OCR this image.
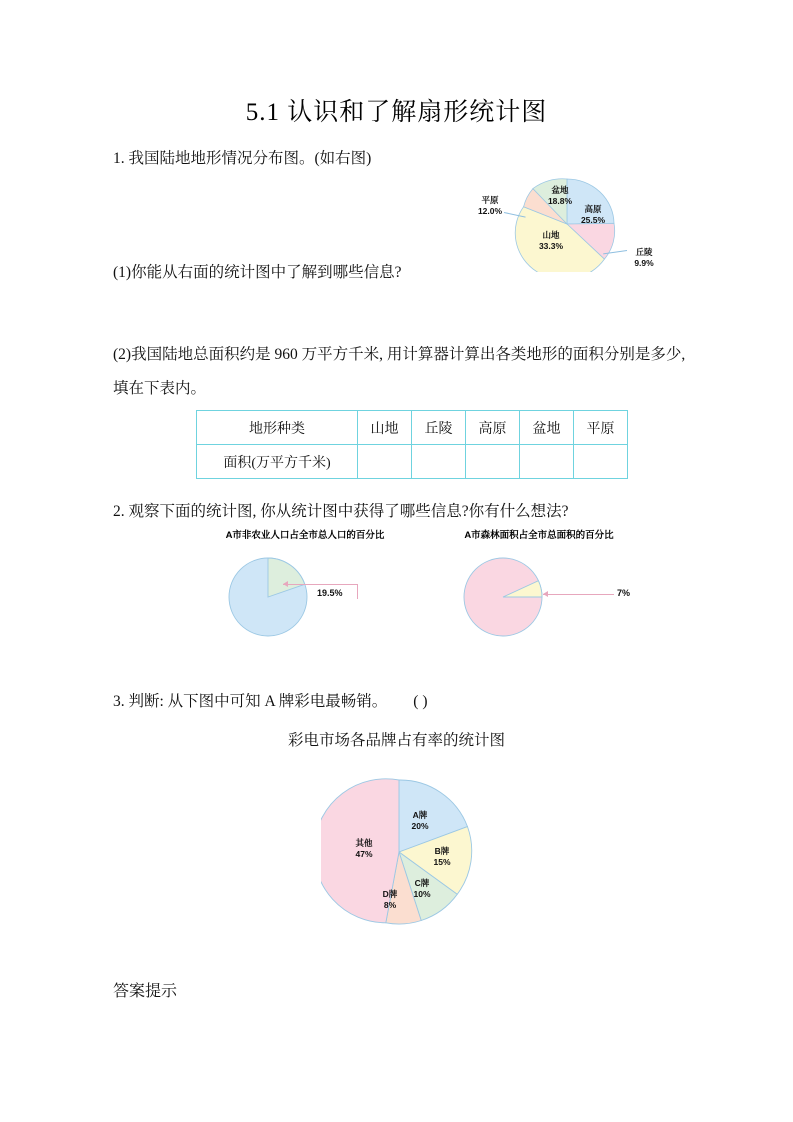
5.1 认识和了解扇形统计图
1. 我国陆地地形情况分布图。(如右图)
盆地
18.8%
高原
25.5%
山地
33.3%
平原
12.0%
丘陵
9.9%
(1)你能从右面的统计图中了解到哪些信息?
(2)我国陆地总面积约是 960 万平方千米, 用计算器计算出各类地形的面积分别是多少, 填在下表内。
地形种类	山地	丘陵	高原	盆地	平原
面积(万平方千米)					
2. 观察下面的统计图, 你从统计图中获得了哪些信息?你有什么想法?
A市非农业人口占全市总人口的百分比
19.5%
A市森林面积占全市总面积的百分比
7%
3. 判断: 从下图中可知 A 牌彩电最畅销。 ( )
彩电市场各品牌占有率的统计图
A牌
20%
B牌
15%
C牌
10%
D牌
8%
其他
47%
答案提示
